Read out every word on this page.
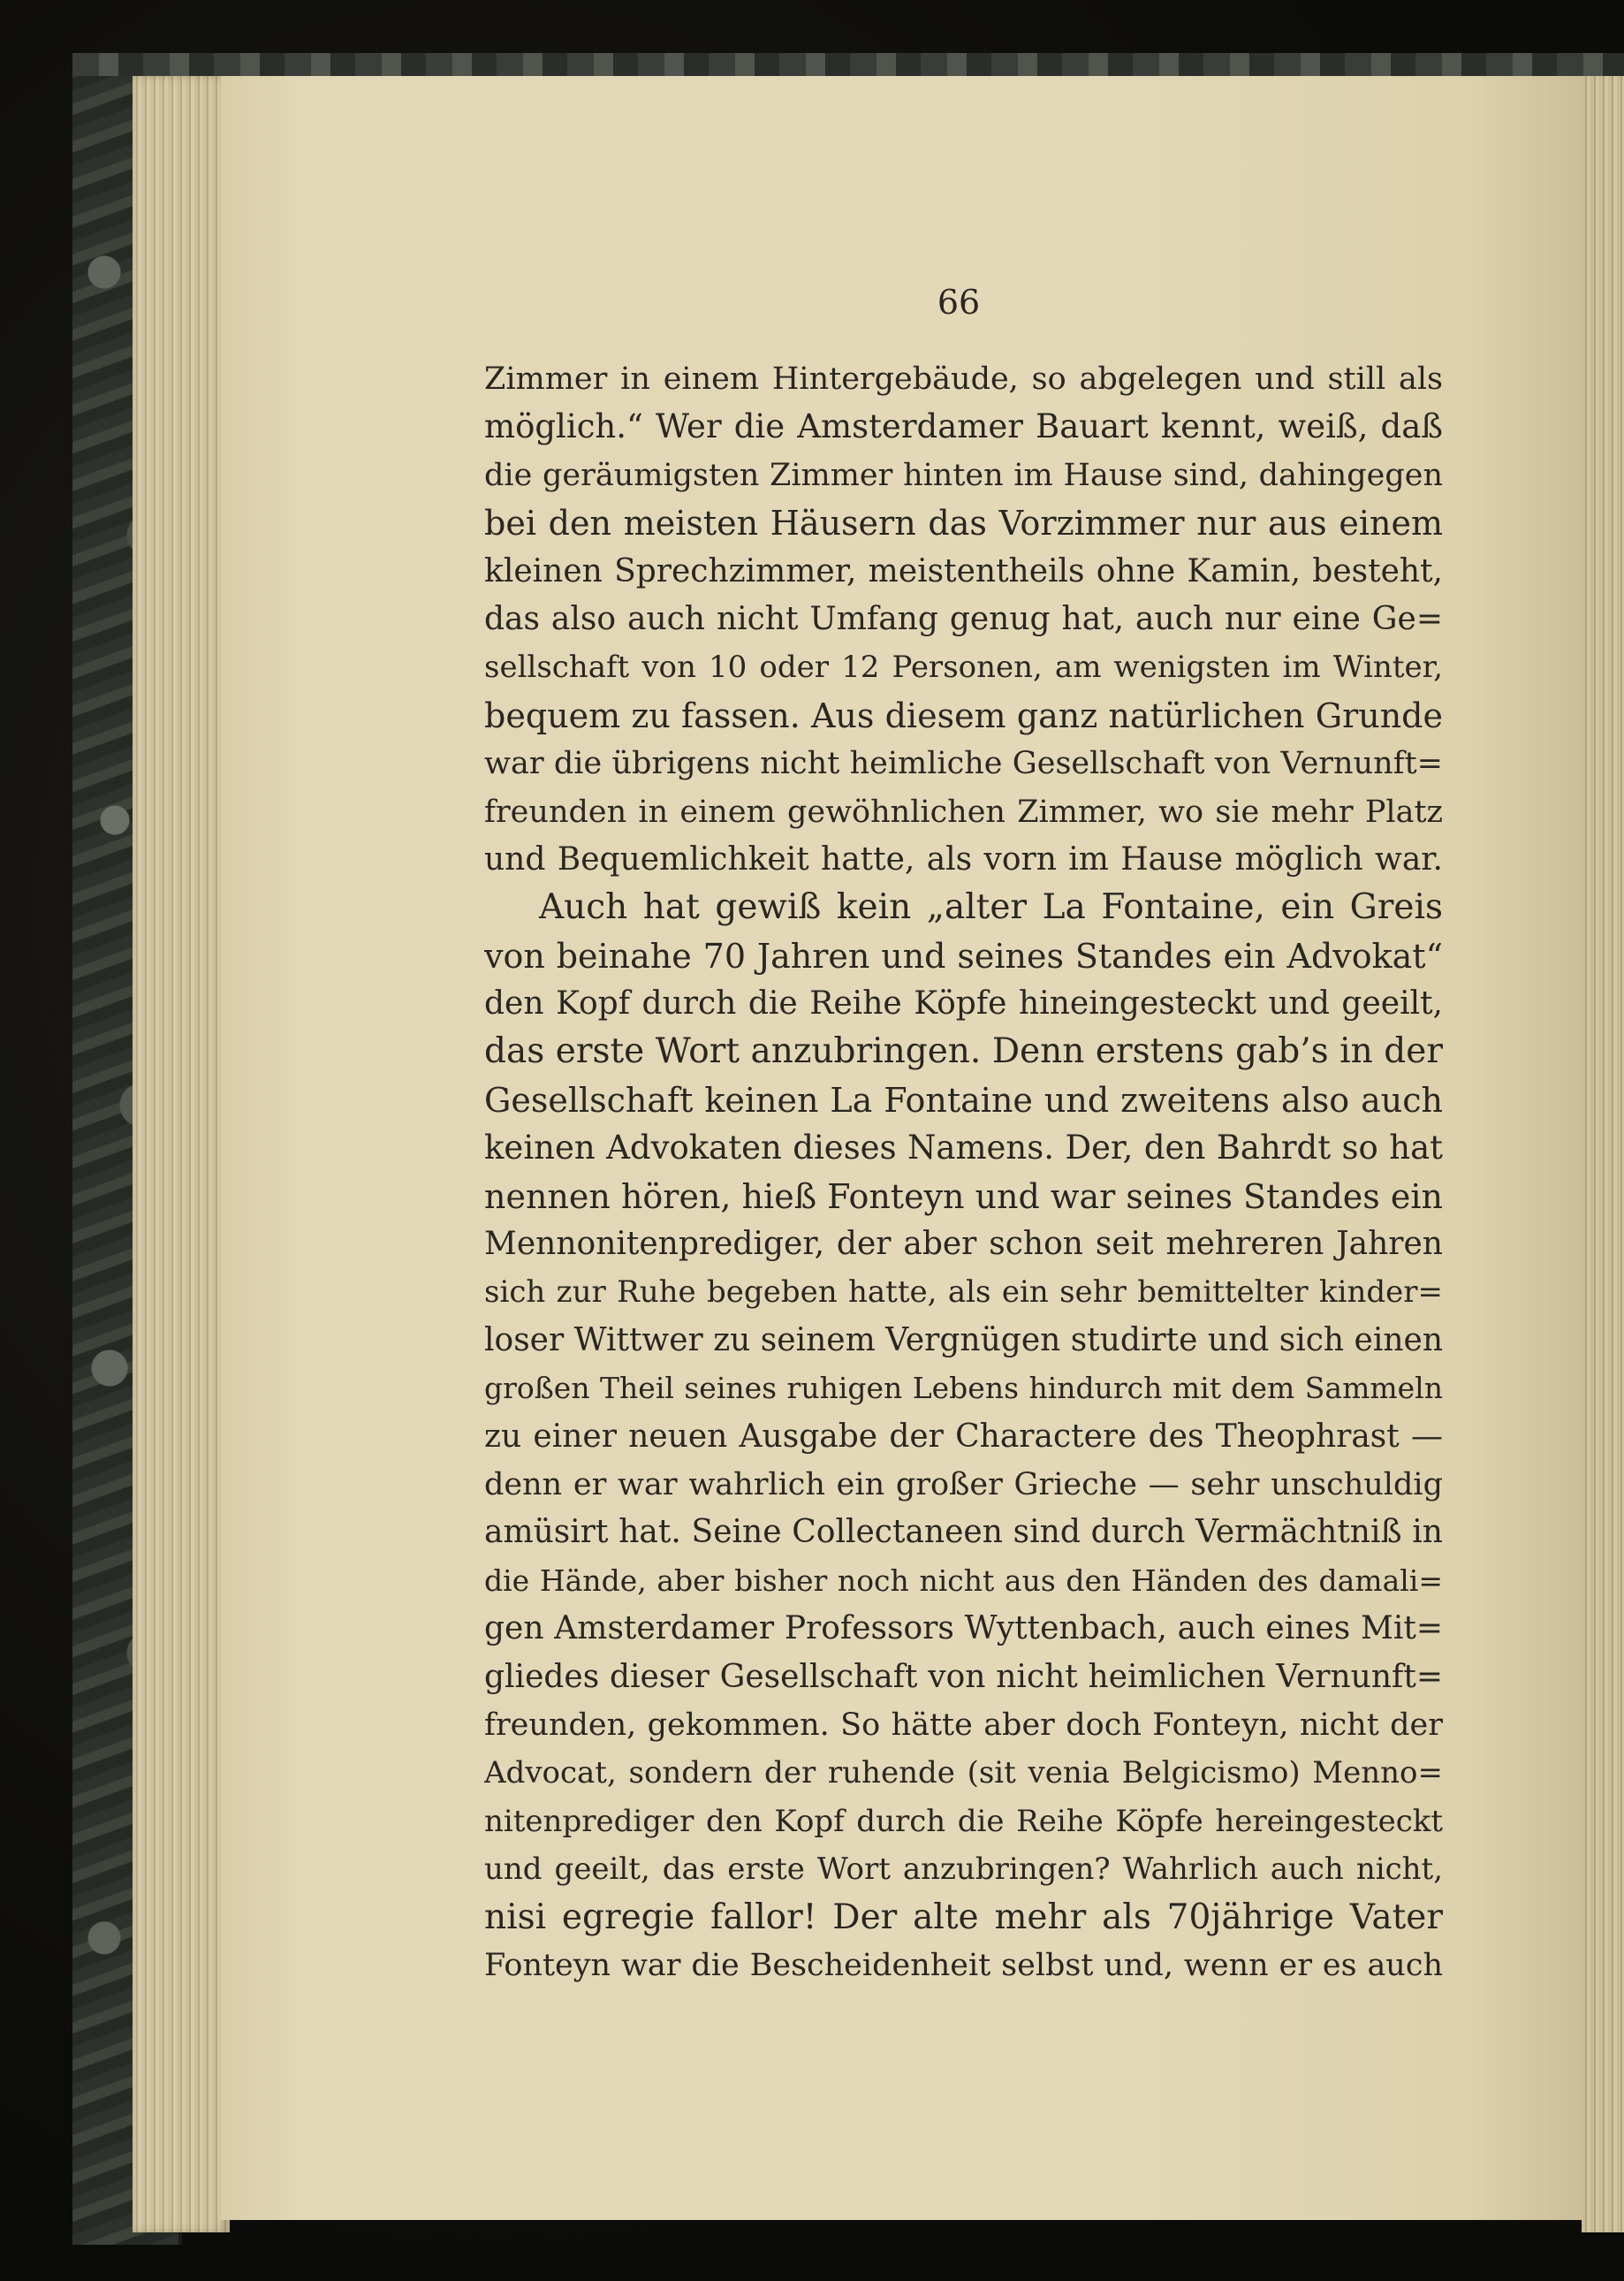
66
Zimmer in einem Hintergebäude, so abgelegen und still als
möglich.“ Wer die Amsterdamer Bauart kennt, weiß, daß
die geräumigsten Zimmer hinten im Hause sind, dahingegen
bei den meisten Häusern das Vorzimmer nur aus einem
kleinen Sprechzimmer, meistentheils ohne Kamin, besteht,
das also auch nicht Umfang genug hat, auch nur eine Ge=
sellschaft von 10 oder 12 Personen, am wenigsten im Winter,
bequem zu fassen. Aus diesem ganz natürlichen Grunde
war die übrigens nicht heimliche Gesellschaft von Vernunft=
freunden in einem gewöhnlichen Zimmer, wo sie mehr Platz
und Bequemlichkeit hatte, als vorn im Hause möglich war.
Auch hat gewiß kein „alter La Fontaine, ein Greis
von beinahe 70 Jahren und seines Standes ein Advokat“
den Kopf durch die Reihe Köpfe hineingesteckt und geeilt,
das erste Wort anzubringen. Denn erstens gab’s in der
Gesellschaft keinen La Fontaine und zweitens also auch
keinen Advokaten dieses Namens. Der, den Bahrdt so hat
nennen hören, hieß Fonteyn und war seines Standes ein
Mennonitenprediger, der aber schon seit mehreren Jahren
sich zur Ruhe begeben hatte, als ein sehr bemittelter kinder=
loser Wittwer zu seinem Vergnügen studirte und sich einen
großen Theil seines ruhigen Lebens hindurch mit dem Sammeln
zu einer neuen Ausgabe der Charactere des Theophrast —
denn er war wahrlich ein großer Grieche — sehr unschuldig
amüsirt hat. Seine Collectaneen sind durch Vermächtniß in
die Hände, aber bisher noch nicht aus den Händen des damali=
gen Amsterdamer Professors Wyttenbach, auch eines Mit=
gliedes dieser Gesellschaft von nicht heimlichen Vernunft=
freunden, gekommen. So hätte aber doch Fonteyn, nicht der
Advocat, sondern der ruhende (sit venia Belgicismo) Menno=
nitenprediger den Kopf durch die Reihe Köpfe hereingesteckt
und geeilt, das erste Wort anzubringen? Wahrlich auch nicht,
nisi egregie fallor! Der alte mehr als 70jährige Vater
Fonteyn war die Bescheidenheit selbst und, wenn er es auch
